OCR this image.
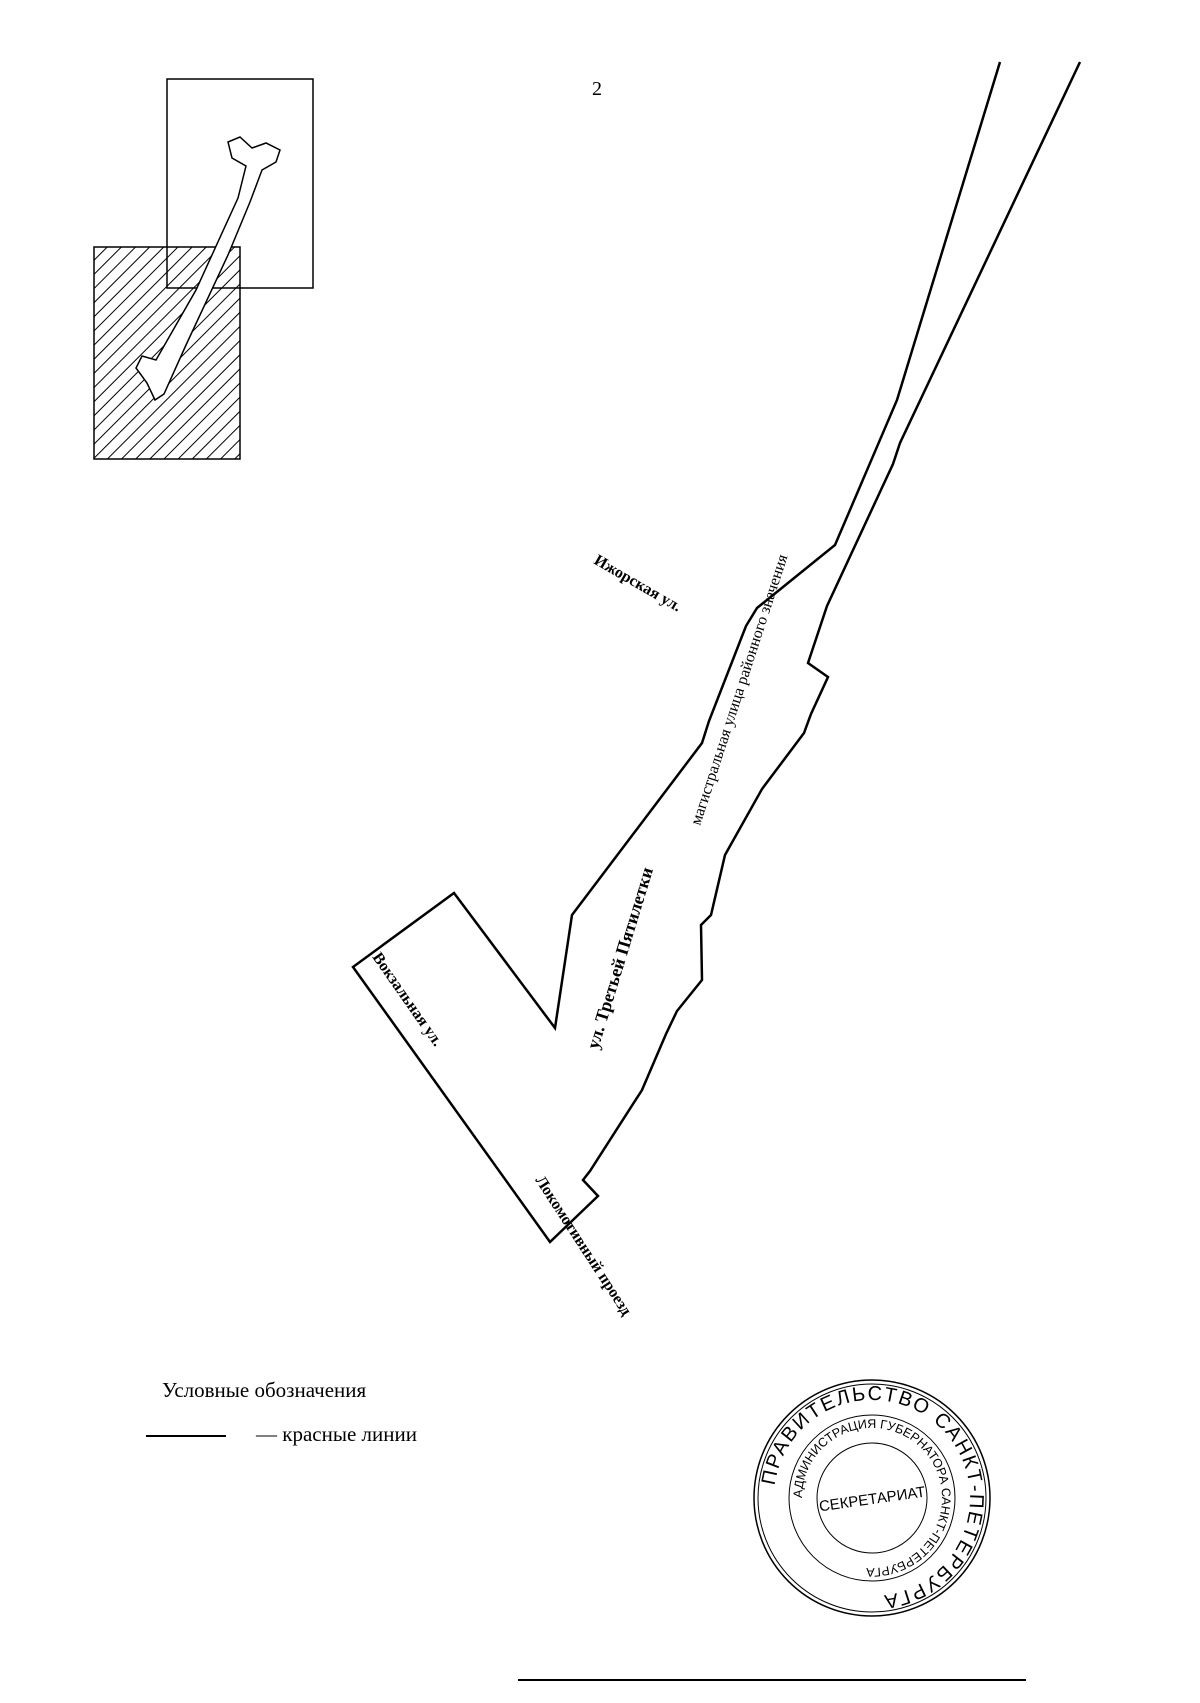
2
Ижорская ул. магистральная улица районного значения
ул. Третьей Пятилетки
Вокзальная ул.
Локомотивный проезд
Условные обозначения
— красные линии
ПРАВИТЕЛЬСТВО САНКТ-ПЕТЕРБУРГА
АДМИНИСТРАЦИЯ ГУБЕРНАТОРА САНКТ-ПЕТЕРБУРГА
СЕКРЕТАРИАТ
